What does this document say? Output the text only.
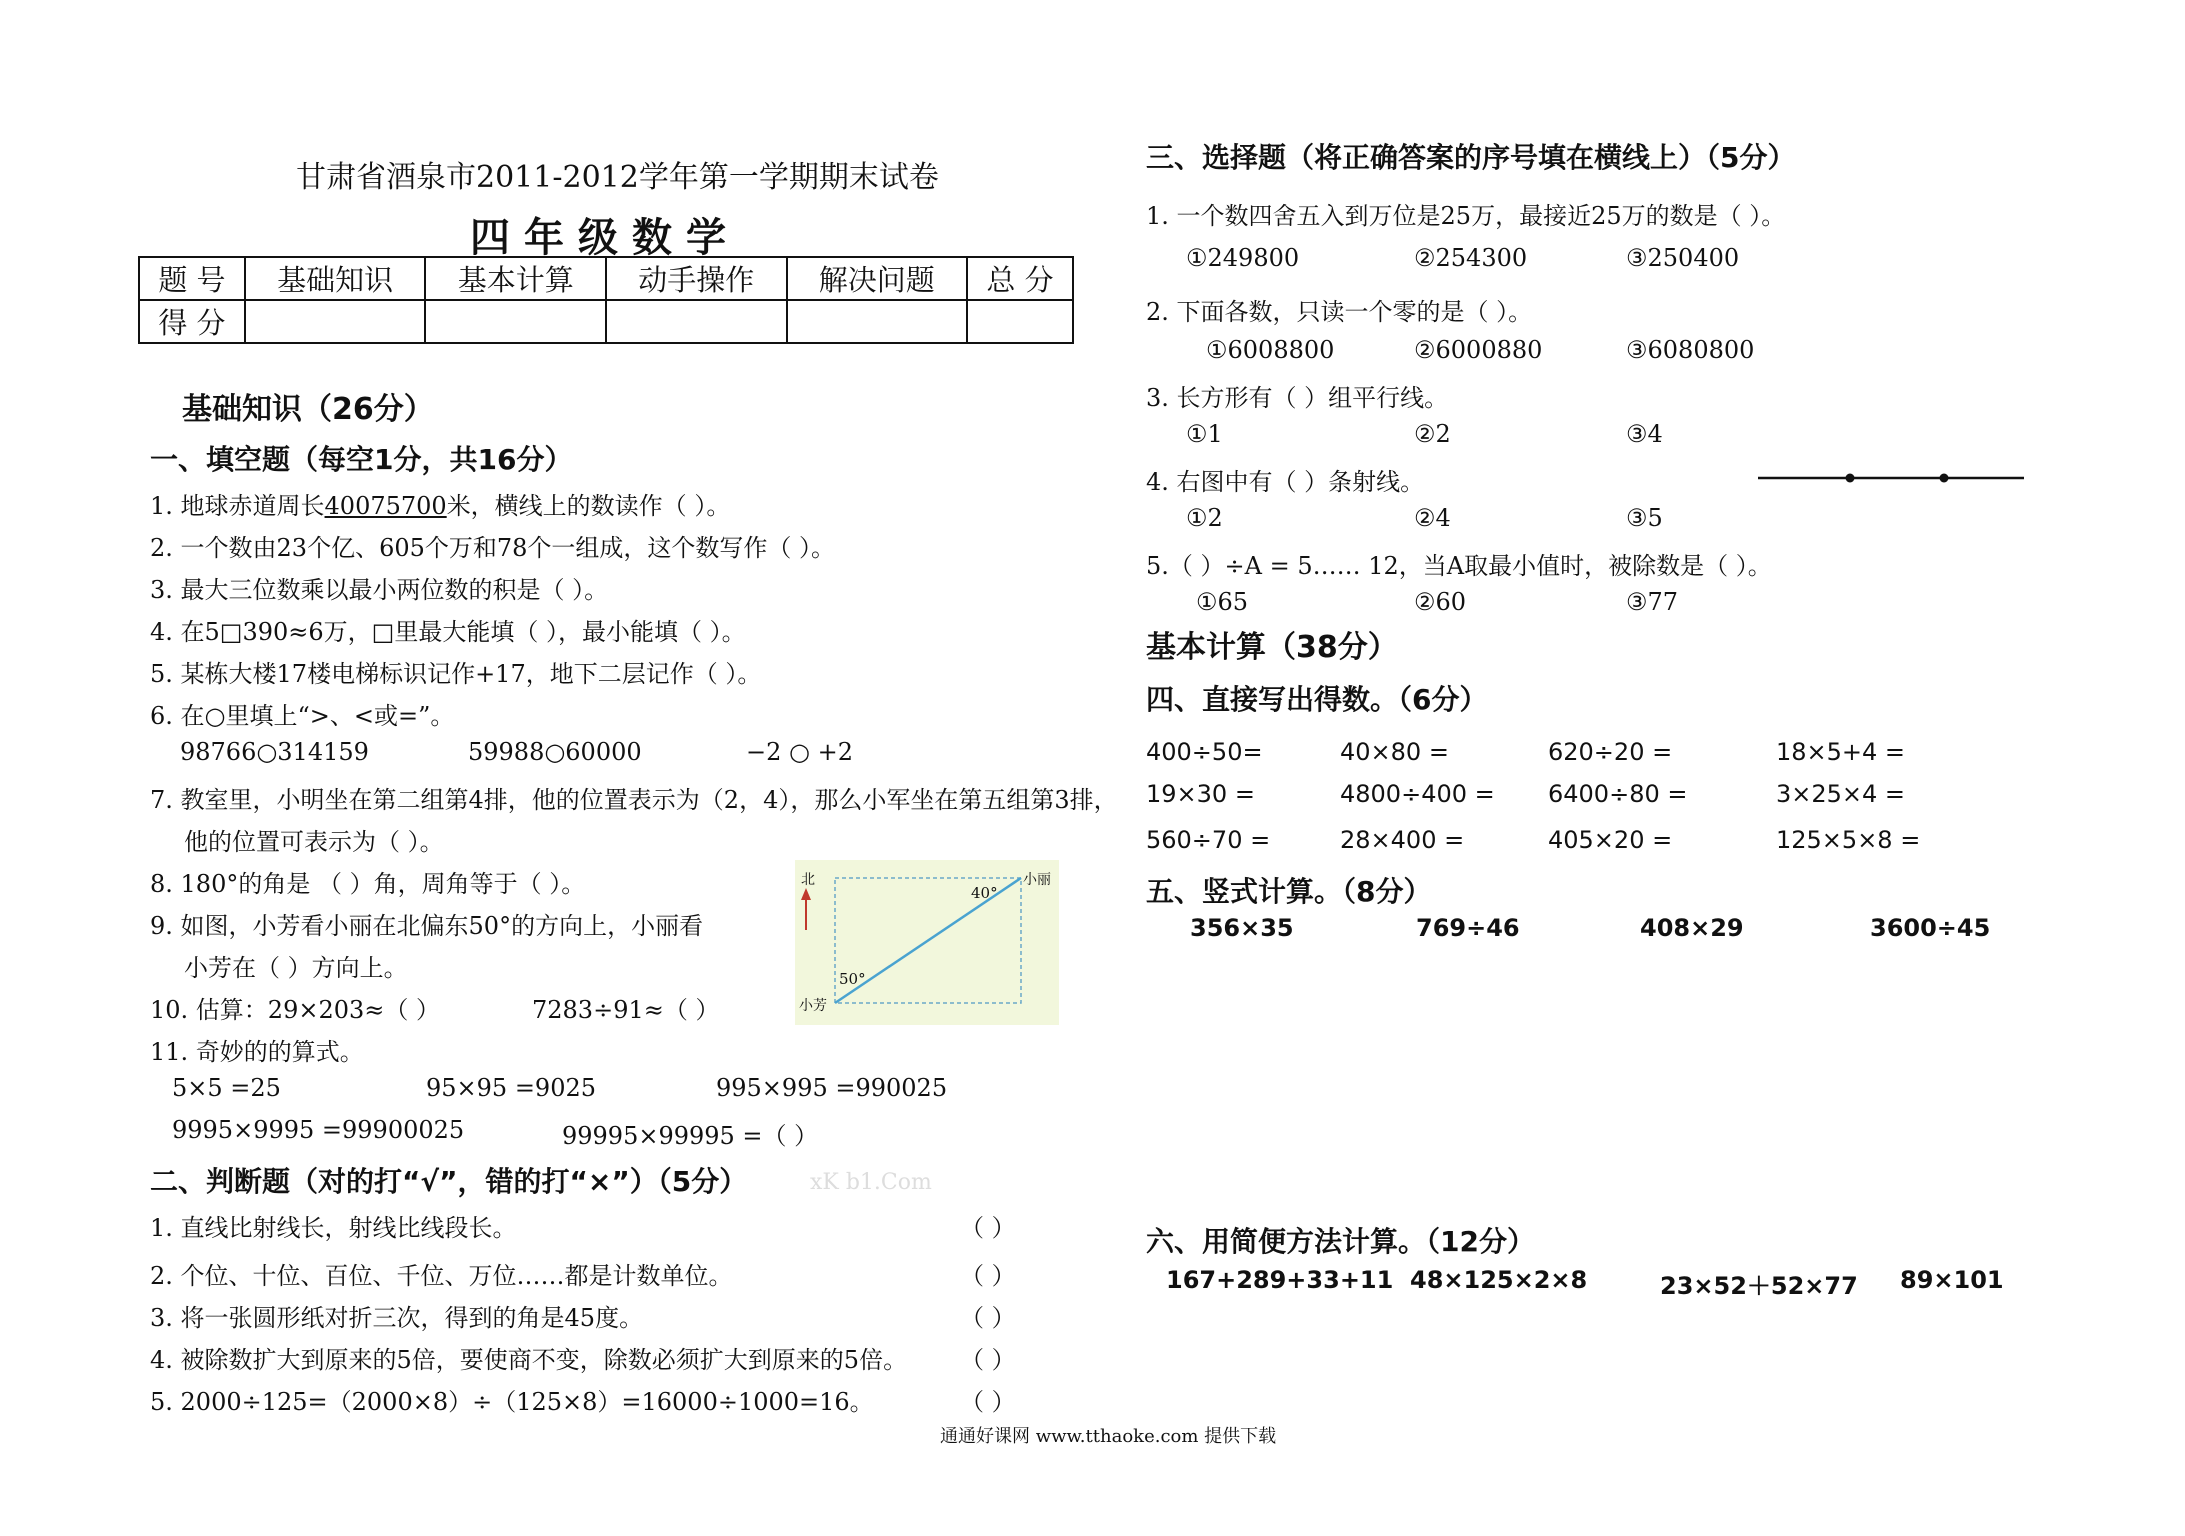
甘肃省酒泉市2011-2012学年第一学期期末试卷
四年级数学
题 号	基础知识	基本计算	动手操作	解决问题	总 分
得 分					
基础知识（26分）
一、填空题（每空1分，共16分）
1. 地球赤道周长40075700米，横线上的数读作（ ）。
2. 一个数由23个亿、605个万和78个一组成，这个数写作（ ）。
3. 最大三位数乘以最小两位数的积是（ ）。
4. 在5□390≈6万，□里最大能填（ ），最小能填（ ）。
5. 某栋大楼17楼电梯标识记作+17，地下二层记作（ ）。
6. 在○里填上“>、<或=”。
98766○314159	59988○60000	−2 ○ +2
7. 教室里，小明坐在第二组第4排，他的位置表示为（2，4），那么小军坐在第五组第3排，
他的位置可表示为（ ）。
8. 180°的角是 （ ）角，周角等于（ ）。
9. 如图，小芳看小丽在北偏东50°的方向上，小丽看
小芳在（ ）方向上。
10. 估算：29×203≈（ ）	7283÷91≈（ ）
11. 奇妙的的算式。
5×5 =25	95×95 =9025	995×995 =990025
9995×9995 =99900025	99995×99995 =（ ）
北	小丽
小芳
40°
50°
二、判断题（对的打“√”，错的打“×”）（5分）	xK b1.Com
1. 直线比射线长，射线比线段长。	（ ）
2. 个位、十位、百位、千位、万位……都是计数单位。	（ ）
3. 将一张圆形纸对折三次，得到的角是45度。	（ ）
4. 被除数扩大到原来的5倍，要使商不变，除数必须扩大到原来的5倍。 （ ）
5. 2000÷125=（2000×8）÷（125×8）=16000÷1000=16。	（ ）
三、选择题（将正确答案的序号填在横线上）（5分）
1. 一个数四舍五入到万位是25万，最接近25万的数是（ ）。
①249800	②254300	③250400
2. 下面各数，只读一个零的是（ ）。
①6008800	②6000880	③6080800
3. 长方形有（ ）组平行线。
①1	②2	③4
4. 右图中有（ ）条射线。
①2	②4	③5
5.（ ）÷A = 5…… 12，当A取最小值时，被除数是（ ）。
①65	②60	③77
基本计算（38分）
四、直接写出得数。（6分）
400÷50=	40×80 =	620÷20 =	18×5+4 =
19×30 =	4800÷400 = 6400÷80 =	3×25×4 =
560÷70 =	28×400 =	405×20 =	125×5×8 =
五、竖式计算。（8分）
356×35	769÷46	408×29	3600÷45
六、用简便方法计算。（12分）
167+289+33+11 48×125×2×8	23×52＋52×77 89×101
通通好课网 www.tthaoke.com 提供下载
